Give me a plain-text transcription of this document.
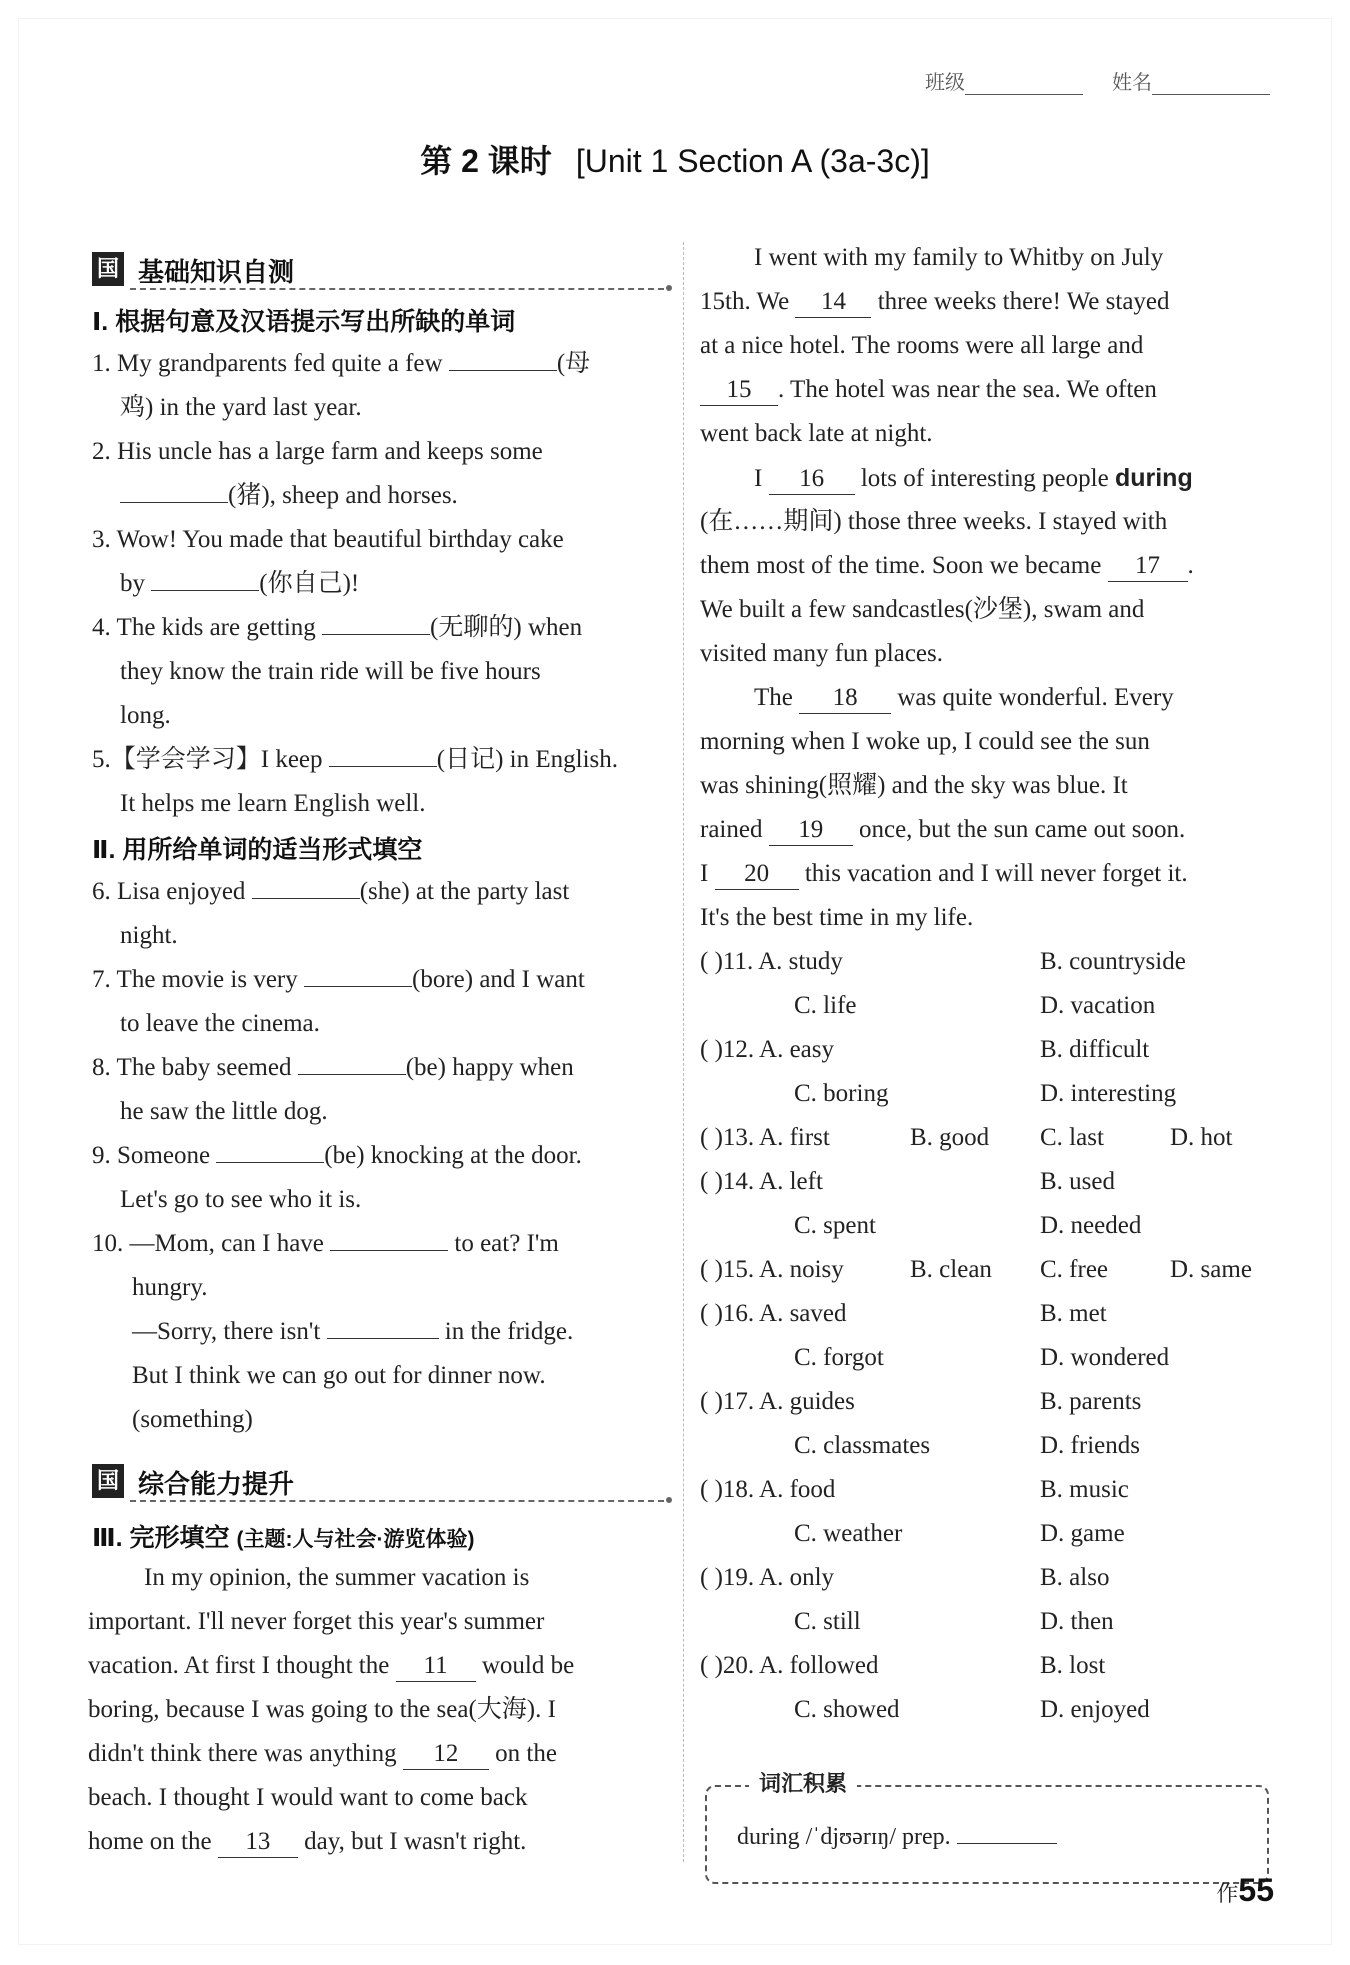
班级	姓名
第 2 课时 [Unit 1 Section A (3a-3c)]
国 基础知识自测
Ⅰ. 根据句意及汉语提示写出所缺的单词
1. My grandparents fed quite a few	(母
鸡) in the yard last year.
2. His uncle has a large farm and keeps some
(猪), sheep and horses.
3. Wow! You made that beautiful birthday cake
by	(你自己)!
4. The kids are getting	(无聊的) when
they know the train ride will be five hours
long.
5.【学会学习】I keep	(日记) in English.
It helps me learn English well.
Ⅱ. 用所给单词的适当形式填空
6. Lisa enjoyed	(she) at the party last
night.
7. The movie is very	(bore) and I want
to leave the cinema.
8. The baby seemed	(be) happy when
he saw the little dog.
9. Someone	(be) knocking at the door.
Let's go to see who it is.
10. —Mom, can I have	to eat? I'm
hungry.
—Sorry, there isn't	in the fridge.
But I think we can go out for dinner now.
(something)
国 综合能力提升
Ⅲ. 完形填空 (主题:人与社会·游览体验)
In my opinion, the summer vacation is
important. I'll never forget this year's summer
vacation. At first I thought the 11 would be
boring, because I was going to the sea(大海). I
didn't think there was anything 12 on the
beach. I thought I would want to come back
home on the 13 day, but I wasn't right.
I went with my family to Whitby on July
15th. We 14 three weeks there! We stayed
at a nice hotel. The rooms were all large and
15 . The hotel was near the sea. We often
went back late at night.
I 16 lots of interesting people during
(在……期间) those three weeks. I stayed with
them most of the time. Soon we became 17 .
We built a few sandcastles(沙堡), swam and
visited many fun places.
The 18 was quite wonderful. Every
morning when I woke up, I could see the sun
was shining(照耀) and the sky was blue. It
rained 19 once, but the sun came out soon.
I 20 this vacation and I will never forget it.
It's the best time in my life.
( )11. A. study	B. countryside
C. life	D. vacation
( )12. A. easy	B. difficult
C. boring	D. interesting
( )13. A. first	B. good C. last	D. hot
( )14. A. left	B. used
C. spent	D. needed
( )15. A. noisy	B. clean C. free D. same
( )16. A. saved	B. met
C. forgot	D. wondered
( )17. A. guides	B. parents
C. classmates	D. friends
( )18. A. food	B. music
C. weather	D. game
( )19. A. only	B. also
C. still	D. then
( )20. A. followed	B. lost
C. showed	D. enjoyed
词汇积累
during /ˈdjʊərɪŋ/ prep.
作55
